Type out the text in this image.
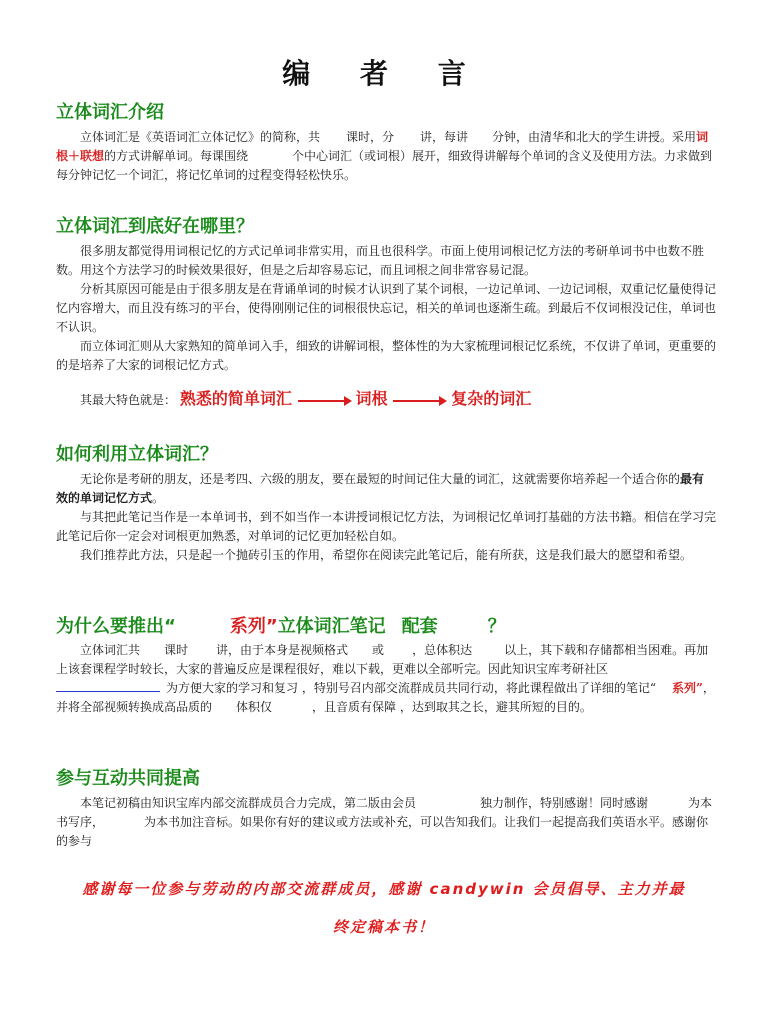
编 者 言
立体词汇介绍
立体词汇是《英语词汇立体记忆》的简称，共 课时，分 讲，每讲 分钟，由清华和北大的学生讲授。采用词根＋联想的方式讲解单词。每课围绕	个中心词汇（或词根）展开，细致得讲解每个单词的含义及使用方法。力求做到每分钟记忆一个词汇，将记忆单词的过程变得轻松快乐。
立体词汇到底好在哪里？
很多朋友都觉得用词根记忆的方式记单词非常实用，而且也很科学。市面上使用词根记忆方法的考研单词书中也数不胜数。用这个方法学习的时候效果很好，但是之后却容易忘记，而且词根之间非常容易记混。
分析其原因可能是由于很多朋友是在背诵单词的时候才认识到了某个词根，一边记单词、一边记词根，双重记忆量使得记忆内容增大，而且没有练习的平台，使得刚刚记住的词根很快忘记，相关的单词也逐渐生疏。到最后不仅词根没记住，单词也不认识。
而立体词汇则从大家熟知的简单词入手，细致的讲解词根，整体性的为大家梳理词根记忆系统，不仅讲了单词，更重要的的是培养了大家的词根记忆方式。
其最大特色就是： 熟悉的简单词汇	词根	复杂的词汇
如何利用立体词汇？
无论你是考研的朋友，还是考四、六级的朋友，要在最短的时间记住大量的词汇，这就需要你培养起一个适合你的最有效的单词记忆方式。
与其把此笔记当作是一本单词书，到不如当作一本讲授词根记忆方法，为词根记忆单词打基础的方法书籍。相信在学习完此笔记后你一定会对词根更加熟悉，对单词的记忆更加轻松自如。
我们推荐此方法，只是起一个抛砖引玉的作用，希望你在阅读完此笔记后，能有所获，这是我们最大的愿望和希望。
为什么要推出“	系列”立体词汇笔记 配套	？
立体词汇共 课时 讲，由于本身是视频格式 或 ，总体积达	以上，其下载和存储都相当困难。再加上该套课程学时较长，大家的普遍反应是课程很好，难以下载，更难以全部听完。因此知识宝库考研社区为方便大家的学习和复习 ，特别号召内部交流群成员共同行动，将此课程做出了详细的笔记“ 系列”，并将全部视频转换成高品质的 体积仅	，且音质有保障 ，达到取其之长，避其所短的目的。
参与互动共同提高
本笔记初稿由知识宝库内部交流群成员合力完成，第二版由会员	独力制作，特别感谢！同时感谢	为本书写序，	为本书加注音标。如果你有好的建议或方法或补充，可以告知我们。让我们一起提高我们英语水平。感谢你的参与
感谢每一位参与劳动的内部交流群成员，感谢 candywin 会员倡导、主力并最
终定稿本书！
